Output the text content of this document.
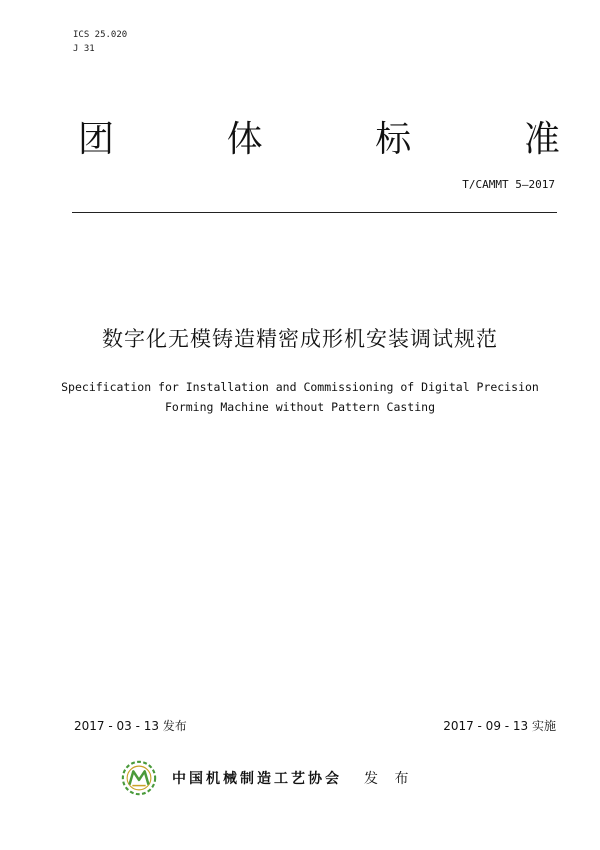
ICS 25.020
J 31
团	体	标	准
T/CAMMT 5—2017
数字化无模铸造精密成形机安装调试规范
Specification for Installation and Commissioning of Digital Precision
Forming Machine without Pattern Casting
2017 - 03 - 13 发布	2017 - 09 - 13 实施
中国机械制造工艺协会 发 布
